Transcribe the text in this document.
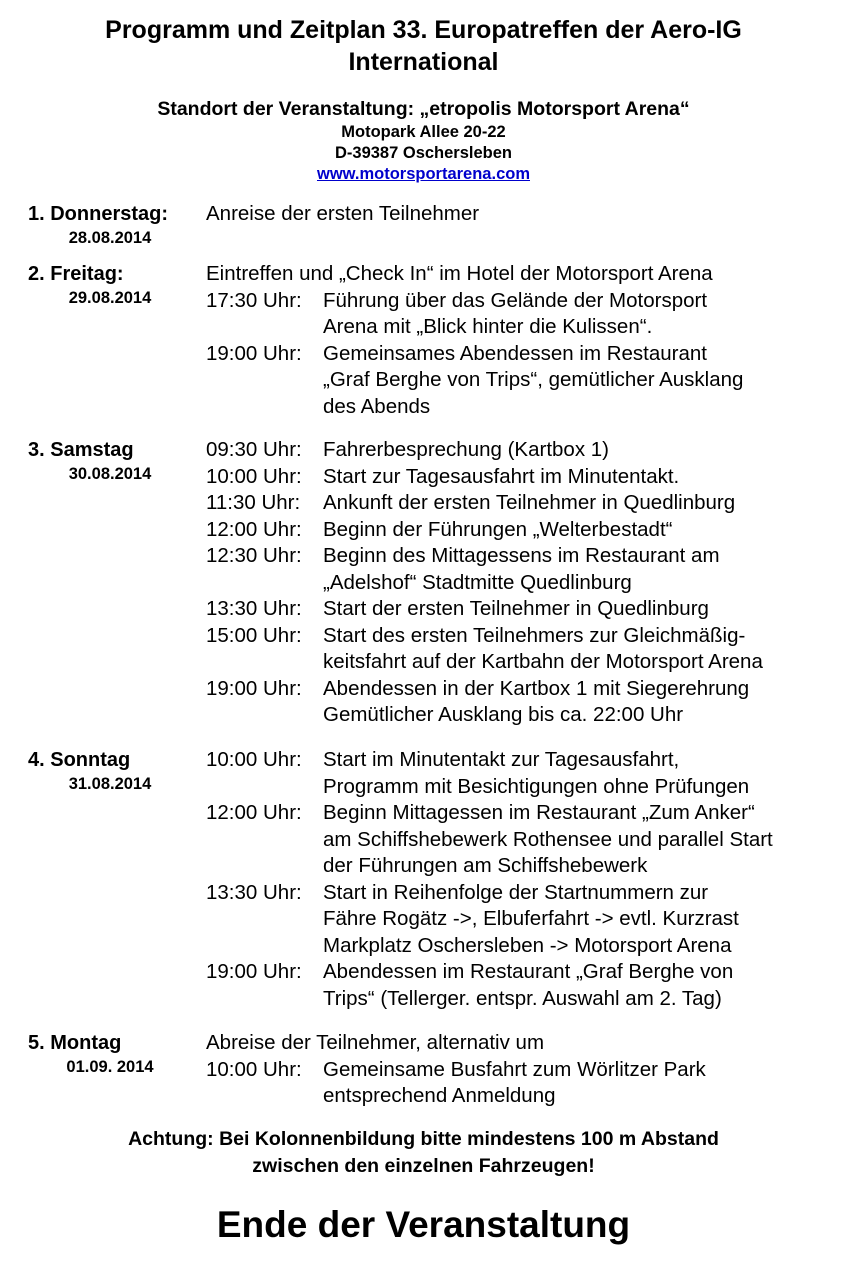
Programm und Zeitplan 33. Europatreffen der Aero-IG
International
Standort der Veranstaltung: „etropolis Motorsport Arena“
Motopark Allee 20-22
D-39387 Oschersleben
www.motorsportarena.com
1. Donnerstag:
28.08.2014
Anreise der ersten Teilnehmer
2. Freitag:
29.08.2014
Eintreffen und „Check In“ im Hotel der Motorsport Arena
17:30 Uhr: Führung über das Gelände der Motorsport
Arena mit „Blick hinter die Kulissen“.
19:00 Uhr: Gemeinsames Abendessen im Restaurant
„Graf Berghe von Trips“, gemütlicher Ausklang
des Abends
3. Samstag
30.08.2014
09:30 Uhr: Fahrerbesprechung (Kartbox 1)
10:00 Uhr: Start zur Tagesausfahrt im Minutentakt.
11:30 Uhr: Ankunft der ersten Teilnehmer in Quedlinburg
12:00 Uhr: Beginn der Führungen „Welterbestadt“
12:30 Uhr: Beginn des Mittagessens im Restaurant am
„Adelshof“ Stadtmitte Quedlinburg
13:30 Uhr: Start der ersten Teilnehmer in Quedlinburg
15:00 Uhr: Start des ersten Teilnehmers zur Gleichmäßig-
keitsfahrt auf der Kartbahn der Motorsport Arena
19:00 Uhr: Abendessen in der Kartbox 1 mit Siegerehrung
Gemütlicher Ausklang bis ca. 22:00 Uhr
4. Sonntag
31.08.2014
10:00 Uhr: Start im Minutentakt zur Tagesausfahrt,
Programm mit Besichtigungen ohne Prüfungen
12:00 Uhr: Beginn Mittagessen im Restaurant „Zum Anker“
am Schiffshebewerk Rothensee und parallel Start
der Führungen am Schiffshebewerk
13:30 Uhr: Start in Reihenfolge der Startnummern zur
Fähre Rogätz ->, Elbuferfahrt -> evtl. Kurzrast
Markplatz Oschersleben -> Motorsport Arena
19:00 Uhr: Abendessen im Restaurant „Graf Berghe von
Trips“ (Tellerger. entspr. Auswahl am 2. Tag)
5. Montag
01.09. 2014
Abreise der Teilnehmer, alternativ um
10:00 Uhr: Gemeinsame Busfahrt zum Wörlitzer Park
entsprechend Anmeldung
Achtung: Bei Kolonnenbildung bitte mindestens 100 m Abstand
zwischen den einzelnen Fahrzeugen!
Ende der Veranstaltung
